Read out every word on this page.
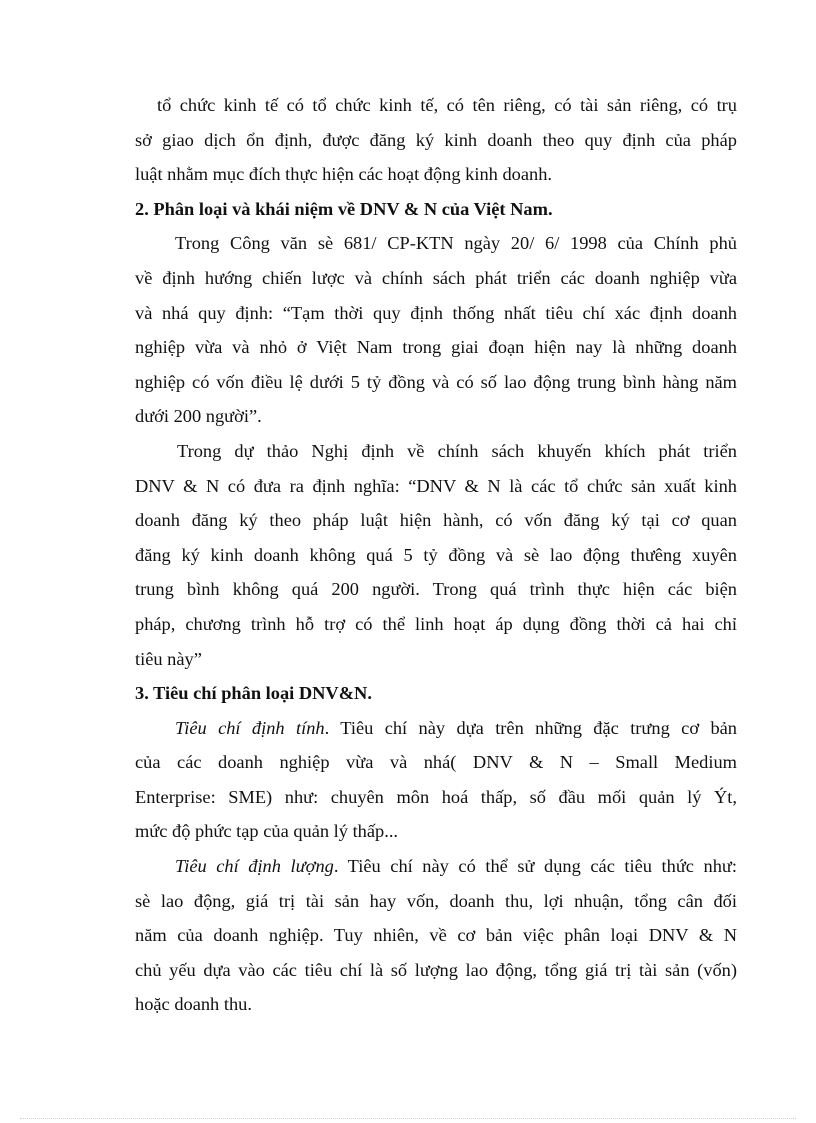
tổ chức kinh tế có tổ chức kinh tế, có tên riêng, có tài sản riêng, có trụ
sở giao dịch ổn định, được đăng ký kinh doanh theo quy định của pháp
luật nhằm mục đích thực hiện các hoạt động kinh doanh.
2. Phân loại và khái niệm về DNV & N của Việt Nam.
Trong Công văn sè 681/ CP-KTN ngày 20/ 6/ 1998 của Chính phủ
về định hướng chiến lược và chính sách phát triển các doanh nghiệp vừa
và nhá quy định: “Tạm thời quy định thống nhất tiêu chí xác định doanh
nghiệp vừa và nhỏ ở Việt Nam trong giai đoạn hiện nay là những doanh
nghiệp có vốn điều lệ dưới 5 tỷ đồng và có số lao động trung bình hàng năm
dưới 200 người”.
Trong dự thảo Nghị định về chính sách khuyến khích phát triển
DNV & N có đưa ra định nghĩa: “DNV & N là các tổ chức sản xuất kinh
doanh đăng ký theo pháp luật hiện hành, có vốn đăng ký tại cơ quan
đăng ký kinh doanh không quá 5 tỷ đồng và sè lao động thưêng xuyên
trung bình không quá 200 người. Trong quá trình thực hiện các biện
pháp, chương trình hỗ trợ có thể linh hoạt áp dụng đồng thời cả hai chỉ
tiêu này”
3. Tiêu chí phân loại DNV&N.
Tiêu chí định tính. Tiêu chí này dựa trên những đặc trưng cơ bản
của các doanh nghiệp vừa và nhá( DNV & N – Small Medium
Enterprise: SME) như: chuyên môn hoá thấp, số đầu mối quản lý Ýt,
mức độ phức tạp của quản lý thấp...
Tiêu chí định lượng. Tiêu chí này có thể sử dụng các tiêu thức như:
sè lao động, giá trị tài sản hay vốn, doanh thu, lợi nhuận, tổng cân đối
năm của doanh nghiệp. Tuy nhiên, về cơ bản việc phân loại DNV & N
chủ yếu dựa vào các tiêu chí là số lượng lao động, tổng giá trị tài sản (vốn)
hoặc doanh thu.
